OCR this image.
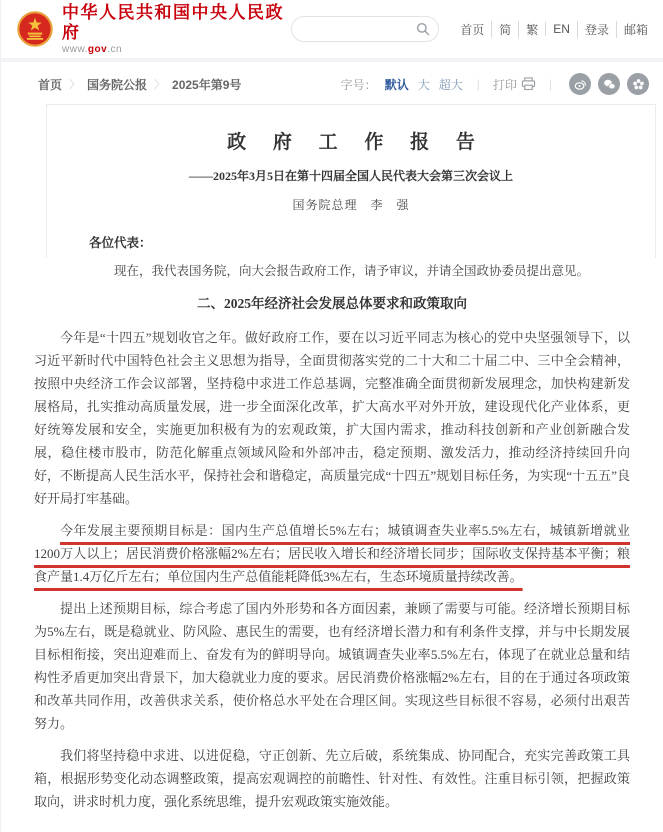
中华人民共和国中央人民政府
www.gov.cn
首页	简	繁	EN	登录	邮箱
首页 〉 国务院公报 〉 2025年第9号	字号： 默认 大 超大 | 打印	|
政 府 工 作 报 告
——2025年3月5日在第十四届全国人民代表大会第三次会议上
国务院总理　李　强
各位代表：

现在，我代表国务院，向大会报告政府工作，请予审议，并请全国政协委员提出意见。

二、2025年经济社会发展总体要求和政策取向

今年是“十四五”规划收官之年。做好政府工作，要在以习近平同志为核心的党中央坚强领导下，以习近平新时代中国特色社会主义思想为指导，全面贯彻落实党的二十大和二十届二中、三中全会精神，按照中央经济工作会议部署，坚持稳中求进工作总基调，完整准确全面贯彻新发展理念，加快构建新发展格局，扎实推动高质量发展，进一步全面深化改革，扩大高水平对外开放，建设现代化产业体系，更好统筹发展和安全，实施更加积极有为的宏观政策，扩大国内需求，推动科技创新和产业创新融合发展，稳住楼市股市，防范化解重点领域风险和外部冲击，稳定预期、激发活力，推动经济持续回升向好，不断提高人民生活水平，保持社会和谐稳定，高质量完成“十四五”规划目标任务，为实现“十五五”良好开局打牢基础。

今年发展主要预期目标是：国内生产总值增长5%左右；城镇调查失业率5.5%左右，城镇新增就业1200万人以上；居民消费价格涨幅2%左右；居民收入增长和经济增长同步；国际收支保持基本平衡；粮食产量1.4万亿斤左右；单位国内生产总值能耗降低3%左右，生态环境质量持续改善。

提出上述预期目标，综合考虑了国内外形势和各方面因素，兼顾了需要与可能。经济增长预期目标为5%左右，既是稳就业、防风险、惠民生的需要，也有经济增长潜力和有利条件支撑，并与中长期发展目标相衔接，突出迎难而上、奋发有为的鲜明导向。城镇调查失业率5.5%左右，体现了在就业总量和结构性矛盾更加突出背景下，加大稳就业力度的要求。居民消费价格涨幅2%左右，目的在于通过各项政策和改革共同作用，改善供求关系，使价格总水平处在合理区间。实现这些目标很不容易，必须付出艰苦努力。

我们将坚持稳中求进、以进促稳，守正创新、先立后破，系统集成、协同配合，充实完善政策工具箱，根据形势变化动态调整政策，提高宏观调控的前瞻性、针对性、有效性。注重目标引领，把握政策取向，讲求时机力度，强化系统思维，提升宏观政策实施效能。
